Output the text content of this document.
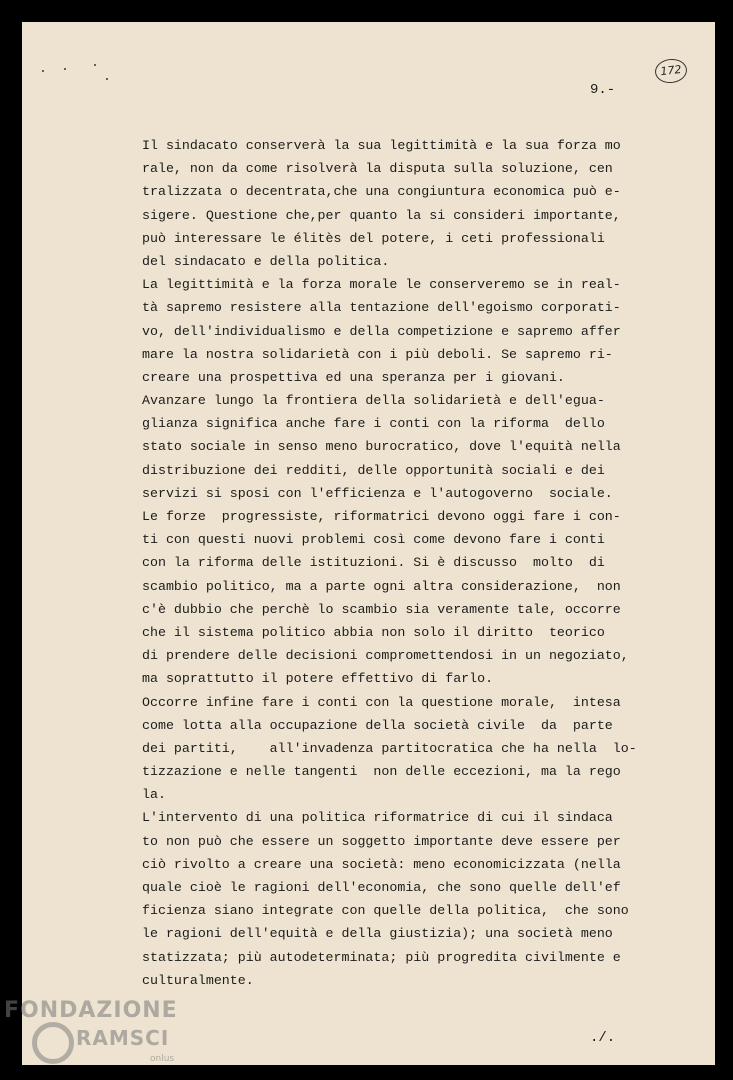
9.-
172
Il sindacato conserverà la sua legittimità e la sua forza mo
rale, non da come risolverà la disputa sulla soluzione, cen
tralizzata o decentrata,che una congiuntura economica può e-
sigere. Questione che,per quanto la si consideri importante,
può interessare le élitès del potere, i ceti professionali
del sindacato e della politica.
La legittimità e la forza morale le conserveremo se in real-
tà sapremo resistere alla tentazione dell'egoismo corporati-
vo, dell'individualismo e della competizione e sapremo affer
mare la nostra solidarietà con i più deboli. Se sapremo ri-
creare una prospettiva ed una speranza per i giovani.
Avanzare lungo la frontiera della solidarietà e dell'egua-
glianza significa anche fare i conti con la riforma  dello
stato sociale in senso meno burocratico, dove l'equità nella
distribuzione dei redditi, delle opportunità sociali e dei
servizi si sposi con l'efficienza e l'autogoverno  sociale.
Le forze  progressiste, riformatrici devono oggi fare i con-
ti con questi nuovi problemi così come devono fare i conti
con la riforma delle istituzioni. Si è discusso  molto  di
scambio politico, ma a parte ogni altra considerazione,  non
c'è dubbio che perchè lo scambio sia veramente tale, occorre
che il sistema politico abbia non solo il diritto  teorico
di prendere delle decisioni compromettendosi in un negoziato,
ma soprattutto il potere effettivo di farlo.
Occorre infine fare i conti con la questione morale,  intesa
come lotta alla occupazione della società civile  da  parte
dei partiti,    all'invadenza partitocratica che ha nella  lo-
tizzazione e nelle tangenti  non delle eccezioni, ma la rego
la.
L'intervento di una politica riformatrice di cui il sindaca
to non può che essere un soggetto importante deve essere per
ciò rivolto a creare una società: meno economicizzata (nella
quale cioè le ragioni dell'economia, che sono quelle dell'ef
ficienza siano integrate con quelle della politica,  che sono
le ragioni dell'equità e della giustizia); una società meno
statizzata; più autodeterminata; più progredita civilmente e
culturalmente.
./.
FONDAZIONE
RAMSCI
onlus
